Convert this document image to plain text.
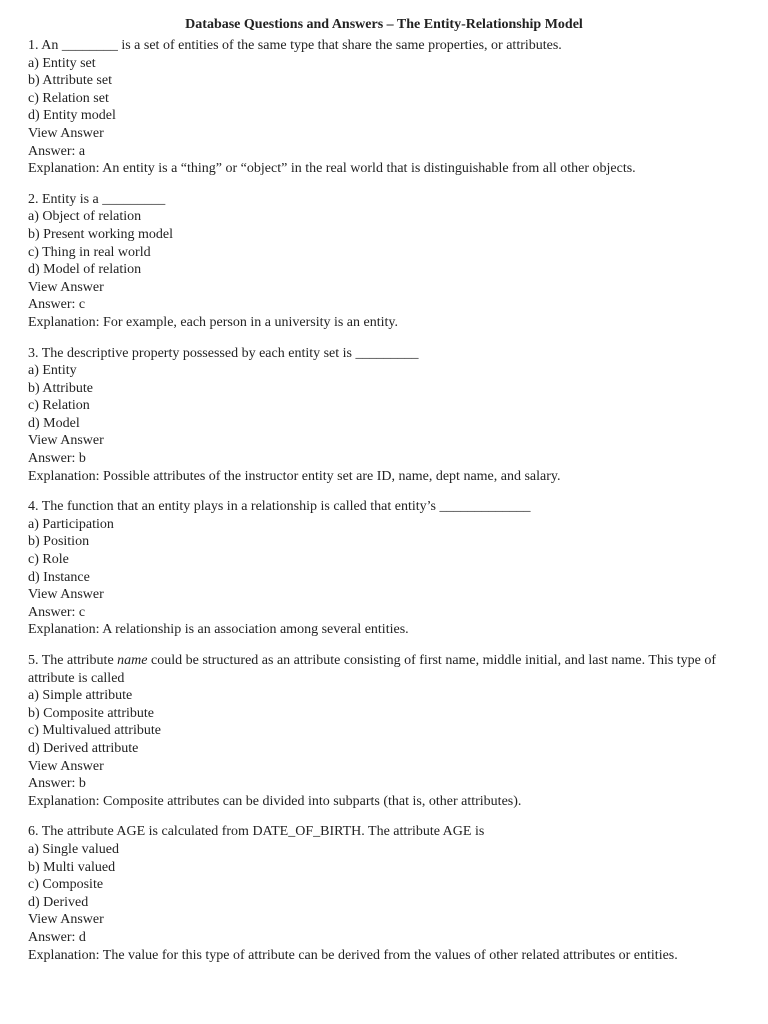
Database Questions and Answers – The Entity-Relationship Model

1. An ________ is a set of entities of the same type that share the same properties, or attributes.

a) Entity set

b) Attribute set

c) Relation set

d) Entity model

View Answer

Answer: a

Explanation: An entity is a “thing” or “object” in the real world that is distinguishable from all other objects.

2. Entity is a _________

a) Object of relation

b) Present working model

c) Thing in real world

d) Model of relation

View Answer

Answer: c

Explanation: For example, each person in a university is an entity.

3. The descriptive property possessed by each entity set is _________

a) Entity

b) Attribute

c) Relation

d) Model

View Answer

Answer: b

Explanation: Possible attributes of the instructor entity set are ID, name, dept name, and salary.

4. The function that an entity plays in a relationship is called that entity’s _____________

a) Participation

b) Position

c) Role

d) Instance

View Answer

Answer: c

Explanation: A relationship is an association among several entities.

5. The attribute name could be structured as an attribute consisting of first name, middle initial, and last name. This type of attribute is called

a) Simple attribute

b) Composite attribute

c) Multivalued attribute

d) Derived attribute

View Answer

Answer: b

Explanation: Composite attributes can be divided into subparts (that is, other attributes).

6. The attribute AGE is calculated from DATE_OF_BIRTH. The attribute AGE is

a) Single valued

b) Multi valued

c) Composite

d) Derived

View Answer

Answer: d

Explanation: The value for this type of attribute can be derived from the values of other related attributes or entities.
